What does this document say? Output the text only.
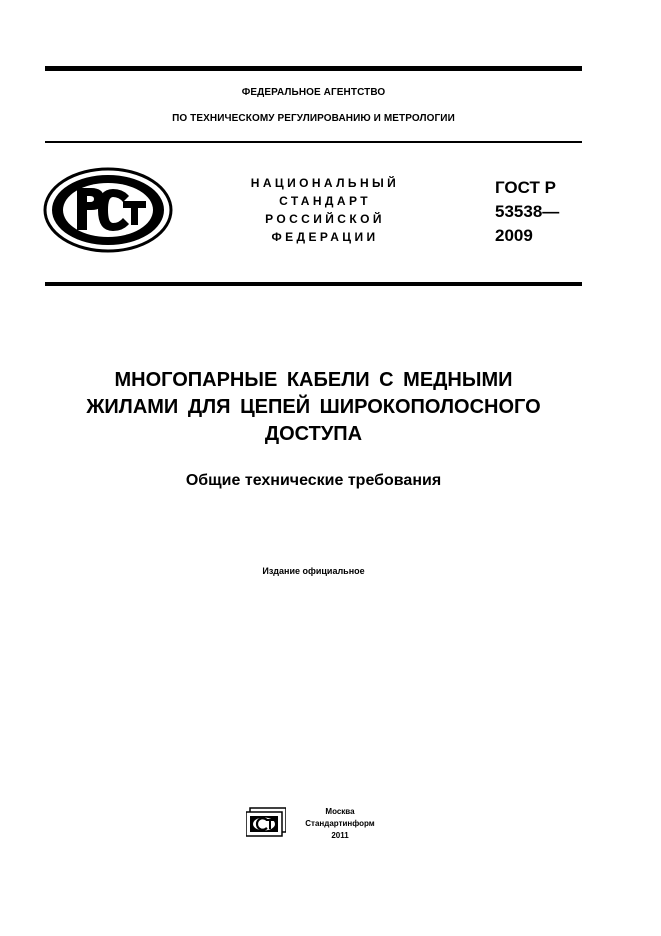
ФЕДЕРАЛЬНОЕ АГЕНТСТВО
ПО ТЕХНИЧЕСКОМУ РЕГУЛИРОВАНИЮ И МЕТРОЛОГИИ
НАЦИОНАЛЬНЫЙ
СТАНДАРТ
РОССИЙСКОЙ
ФЕДЕРАЦИИ
ГОСТ Р
53538—
2009
МНОГОПАРНЫЕ КАБЕЛИ С МЕДНЫМИ
ЖИЛАМИ ДЛЯ ЦЕПЕЙ ШИРОКОПОЛОСНОГО
ДОСТУПА
Общие технические требования
Издание официальное
Москва
Стандартинформ
2011
